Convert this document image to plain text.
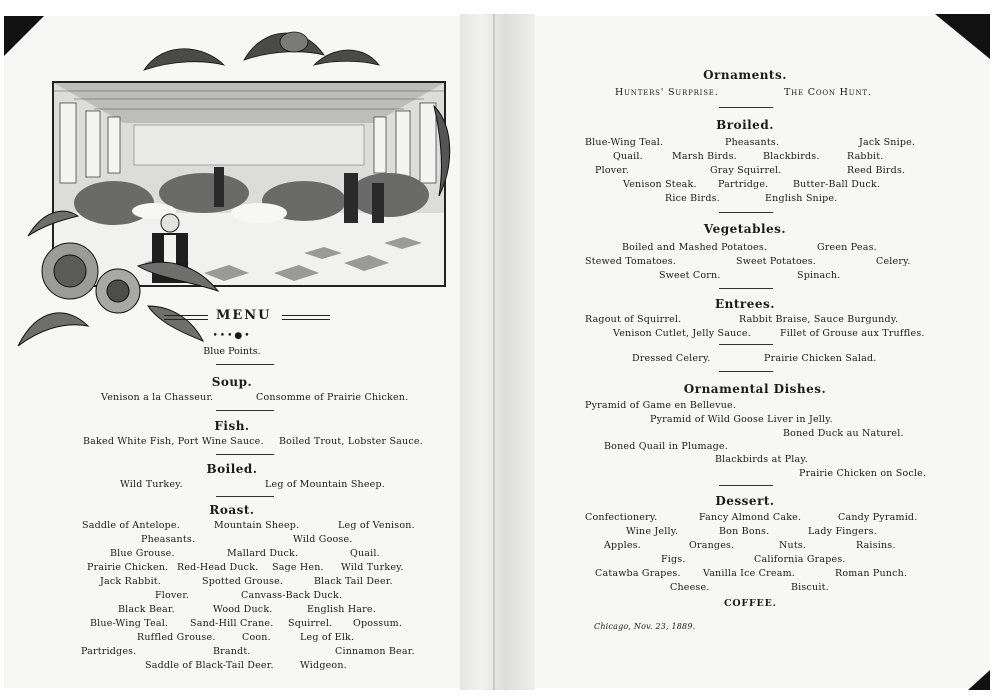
MENU
•••●•
Blue Points.
Soup.
Venison a la Chasseur.	Consomme of Prairie Chicken.
Fish.
Baked White Fish, Port Wine Sauce. Boiled Trout, Lobster Sauce.
Boiled.
Wild Turkey.	Leg of Mountain Sheep.
Roast.
Saddle of Antelope.	Mountain Sheep.	Leg of Venison.
Pheasants.	Wild Goose.
Blue Grouse.	Mallard Duck.	Quail.
Prairie Chicken. Red-Head Duck. Sage Hen. Wild Turkey.
Jack Rabbit.	Spotted Grouse.	Black Tail Deer.
Flover.	Canvass-Back Duck.
Black Bear.	Wood Duck.	English Hare.
Blue-Wing Teal. Sand-Hill Crane. Squirrel. Opossum.
Ruffled Grouse.	Coon.	Leg of Elk.
Partridges.	Brandt.	Cinnamon Bear.
Saddle of Black-Tail Deer.	Widgeon.
Ornaments.
Hunters' Surprise.	The Coon Hunt.
Broiled.
Blue-Wing Teal.	Pheasants.	Jack Snipe.
Quail.	Marsh Birds.	Blackbirds.	Rabbit.
Plover.	Gray Squirrel.	Reed Birds.
Venison Steak. Partridge.	Butter-Ball Duck.
Rice Birds.	English Snipe.
Vegetables.
Boiled and Mashed Potatoes.	Green Peas.
Stewed Tomatoes.	Sweet Potatoes.	Celery.
Sweet Corn.	Spinach.
Entrees.
Ragout of Squirrel.	Rabbit Braise, Sauce Burgundy.
Venison Cutlet, Jelly Sauce.	Fillet of Grouse aux Truffles.
Dressed Celery.	Prairie Chicken Salad.
Ornamental Dishes.
Pyramid of Game en Bellevue.
Pyramid of Wild Goose Liver in Jelly.
Boned Duck au Naturel.
Boned Quail in Plumage.
Blackbirds at Play.
Prairie Chicken on Socle.
Dessert.
Confectionery.	Fancy Almond Cake.	Candy Pyramid.
Wine Jelly.	Bon Bons.	Lady Fingers.
Apples.	Oranges.	Nuts.	Raisins.
Figs.	California Grapes.
Catawba Grapes. Vanilla Ice Cream.	Roman Punch.
Cheese.	Biscuit.
COFFEE.
Chicago, Nov. 23, 1889.
